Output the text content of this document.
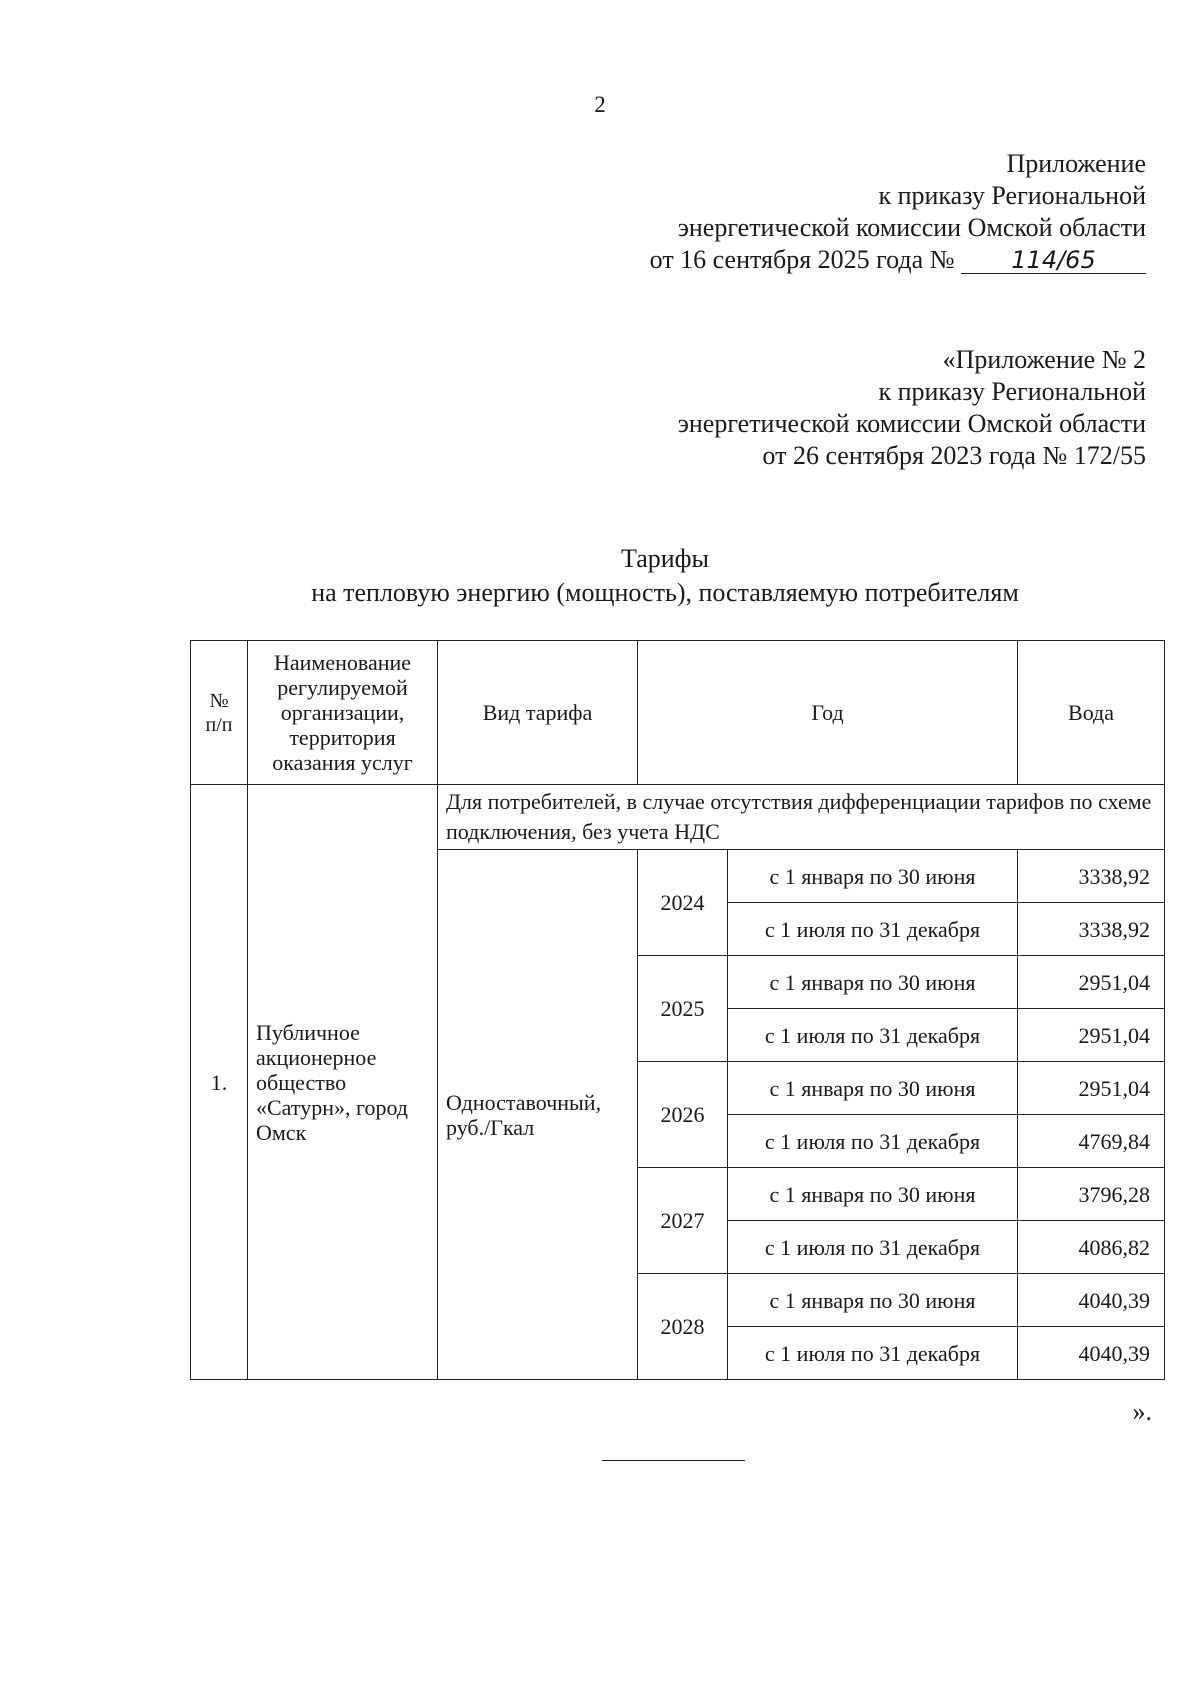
2
Приложение
к приказу Региональной
энергетической комиссии Омской области
от 16 сентября 2025 года № 114/65
«Приложение № 2
к приказу Региональной
энергетической комиссии Омской области
от 26 сентября 2023 года № 172/55
Тарифы
на тепловую энергию (мощность), поставляемую потребителям
№ п/п	Наименование регулируемой организации, территория оказания услуг	Вид тарифа	Год		Вода
1.	Публичное акционерное общество «Сатурн», город Омск	Для потребителей, в случае отсутствия дифференциации тарифов по схеме подключения, без учета НДС			
		Одноставочный, руб./Гкал	2024	с 1 января по 30 июня	3338,92
				с 1 июля по 31 декабря	3338,92
			2025	с 1 января по 30 июня	2951,04
				с 1 июля по 31 декабря	2951,04
			2026	с 1 января по 30 июня	2951,04
				с 1 июля по 31 декабря	4769,84
			2027	с 1 января по 30 июня	3796,28
				с 1 июля по 31 декабря	4086,82
			2028	с 1 января по 30 июня	4040,39
				с 1 июля по 31 декабря	4040,39
».
